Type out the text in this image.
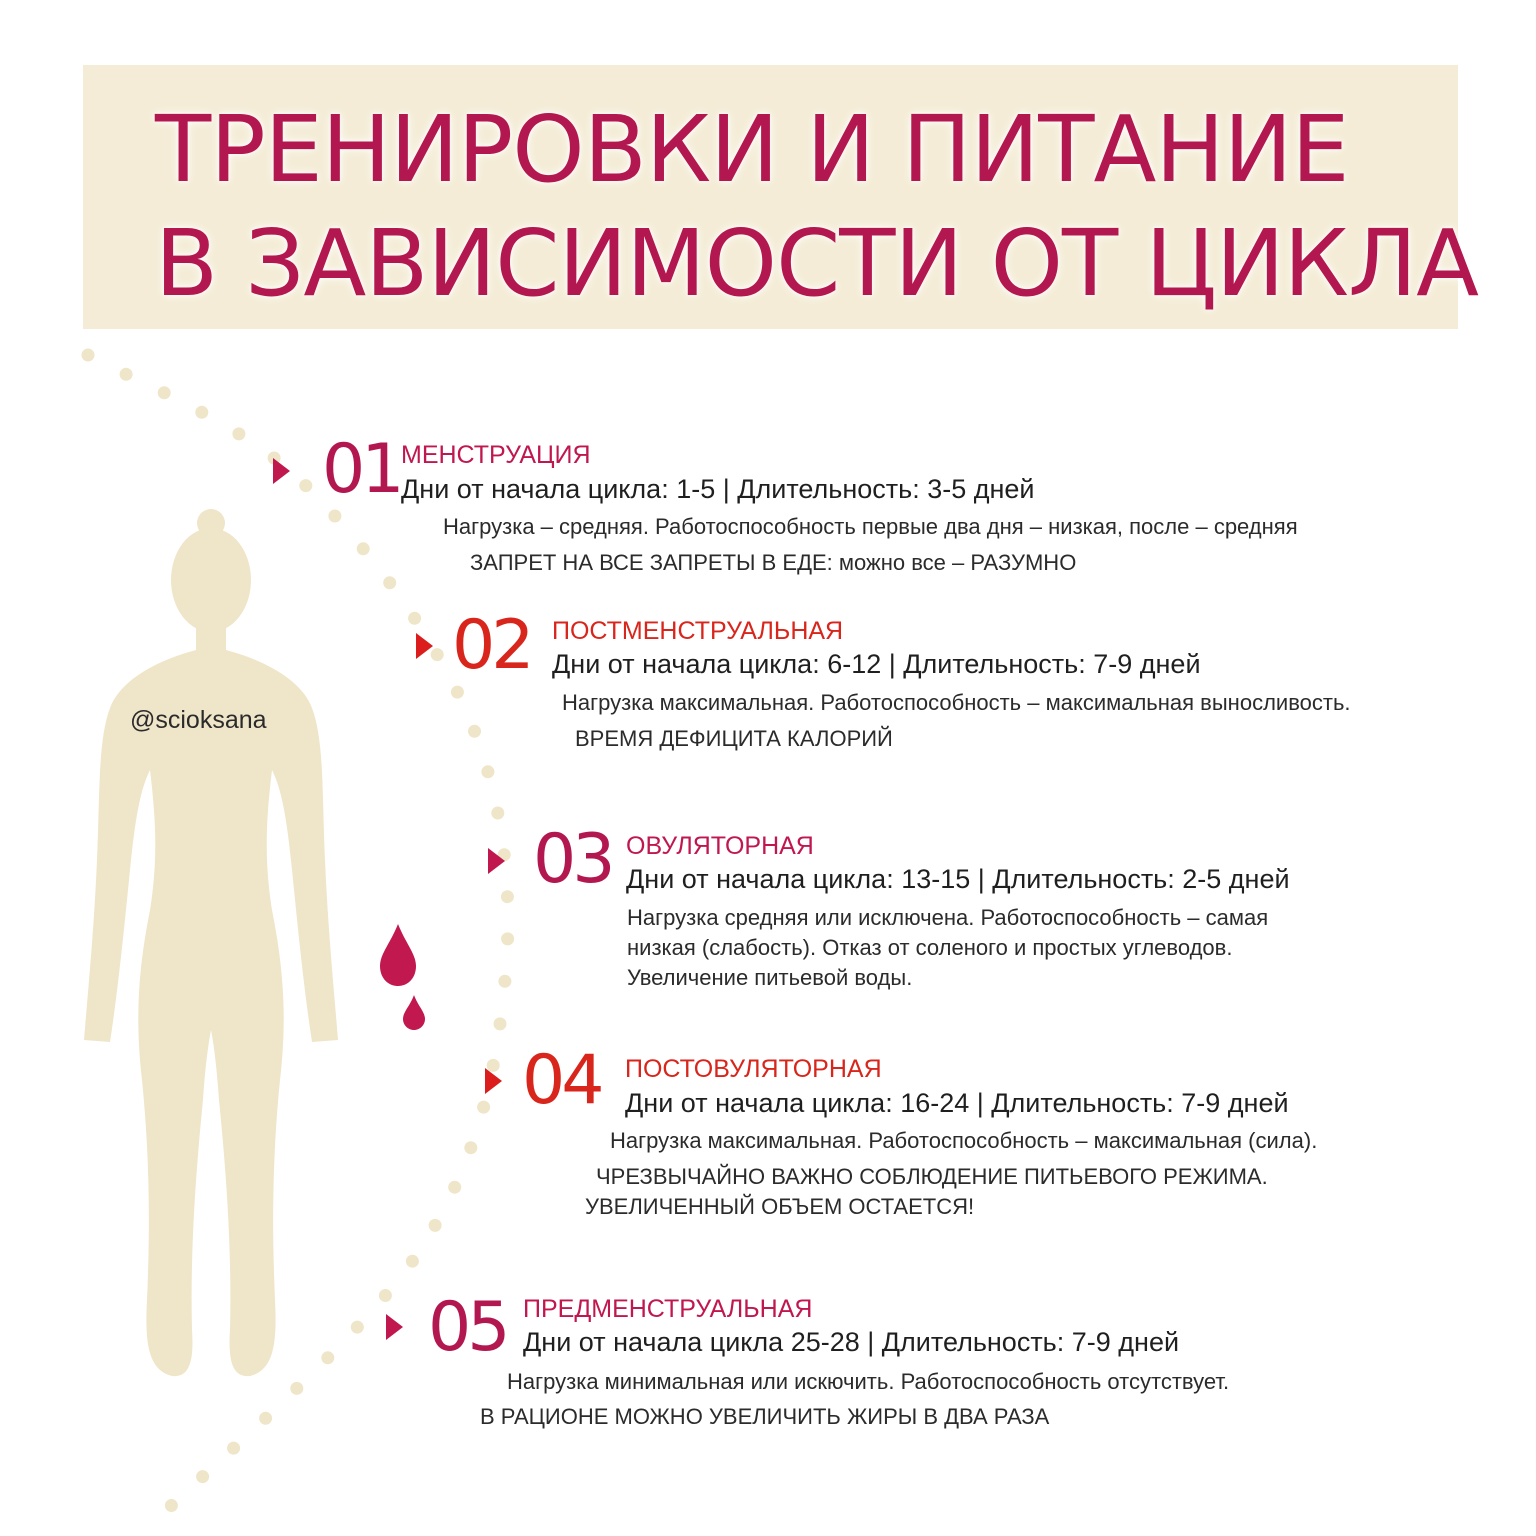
ТРЕНИРОВКИ И ПИТАНИЕ
В ЗАВИСИМОСТИ ОТ ЦИКЛА
@scioksana
01 МЕНСТРУАЦИЯ
Дни от начала цикла: 1-5 | Длительность: 3-5 дней
Нагрузка – средняя. Работоспособность первые два дня – низкая, после – средняя
ЗАПРЕТ НА ВСЕ ЗАПРЕТЫ В ЕДЕ: можно все – РАЗУМНО
02 ПОСТМЕНСТРУАЛЬНАЯ
Дни от начала цикла: 6-12 | Длительность: 7-9 дней
Нагрузка максимальная. Работоспособность – максимальная выносливость.
ВРЕМЯ ДЕФИЦИТА КАЛОРИЙ
03 ОВУЛЯТОРНАЯ
Дни от начала цикла: 13-15 | Длительность: 2-5 дней
Нагрузка средняя или исключена. Работоспособность – самая
низкая (слабость). Отказ от соленого и простых углеводов.
Увеличение питьевой воды.
04 ПОСТОВУЛЯТОРНАЯ
Дни от начала цикла: 16-24 | Длительность: 7-9 дней
Нагрузка максимальная. Работоспособность – максимальная (сила).
ЧРЕЗВЫЧАЙНО ВАЖНО СОБЛЮДЕНИЕ ПИТЬЕВОГО РЕЖИМА.
УВЕЛИЧЕННЫЙ ОБЪЕМ ОСТАЕТСЯ!
05 ПРЕДМЕНСТРУАЛЬНАЯ
Дни от начала цикла 25-28 | Длительность: 7-9 дней
Нагрузка минимальная или искючить. Работоспособность отсутствует.
В РАЦИОНЕ МОЖНО УВЕЛИЧИТЬ ЖИРЫ В ДВА РАЗА
